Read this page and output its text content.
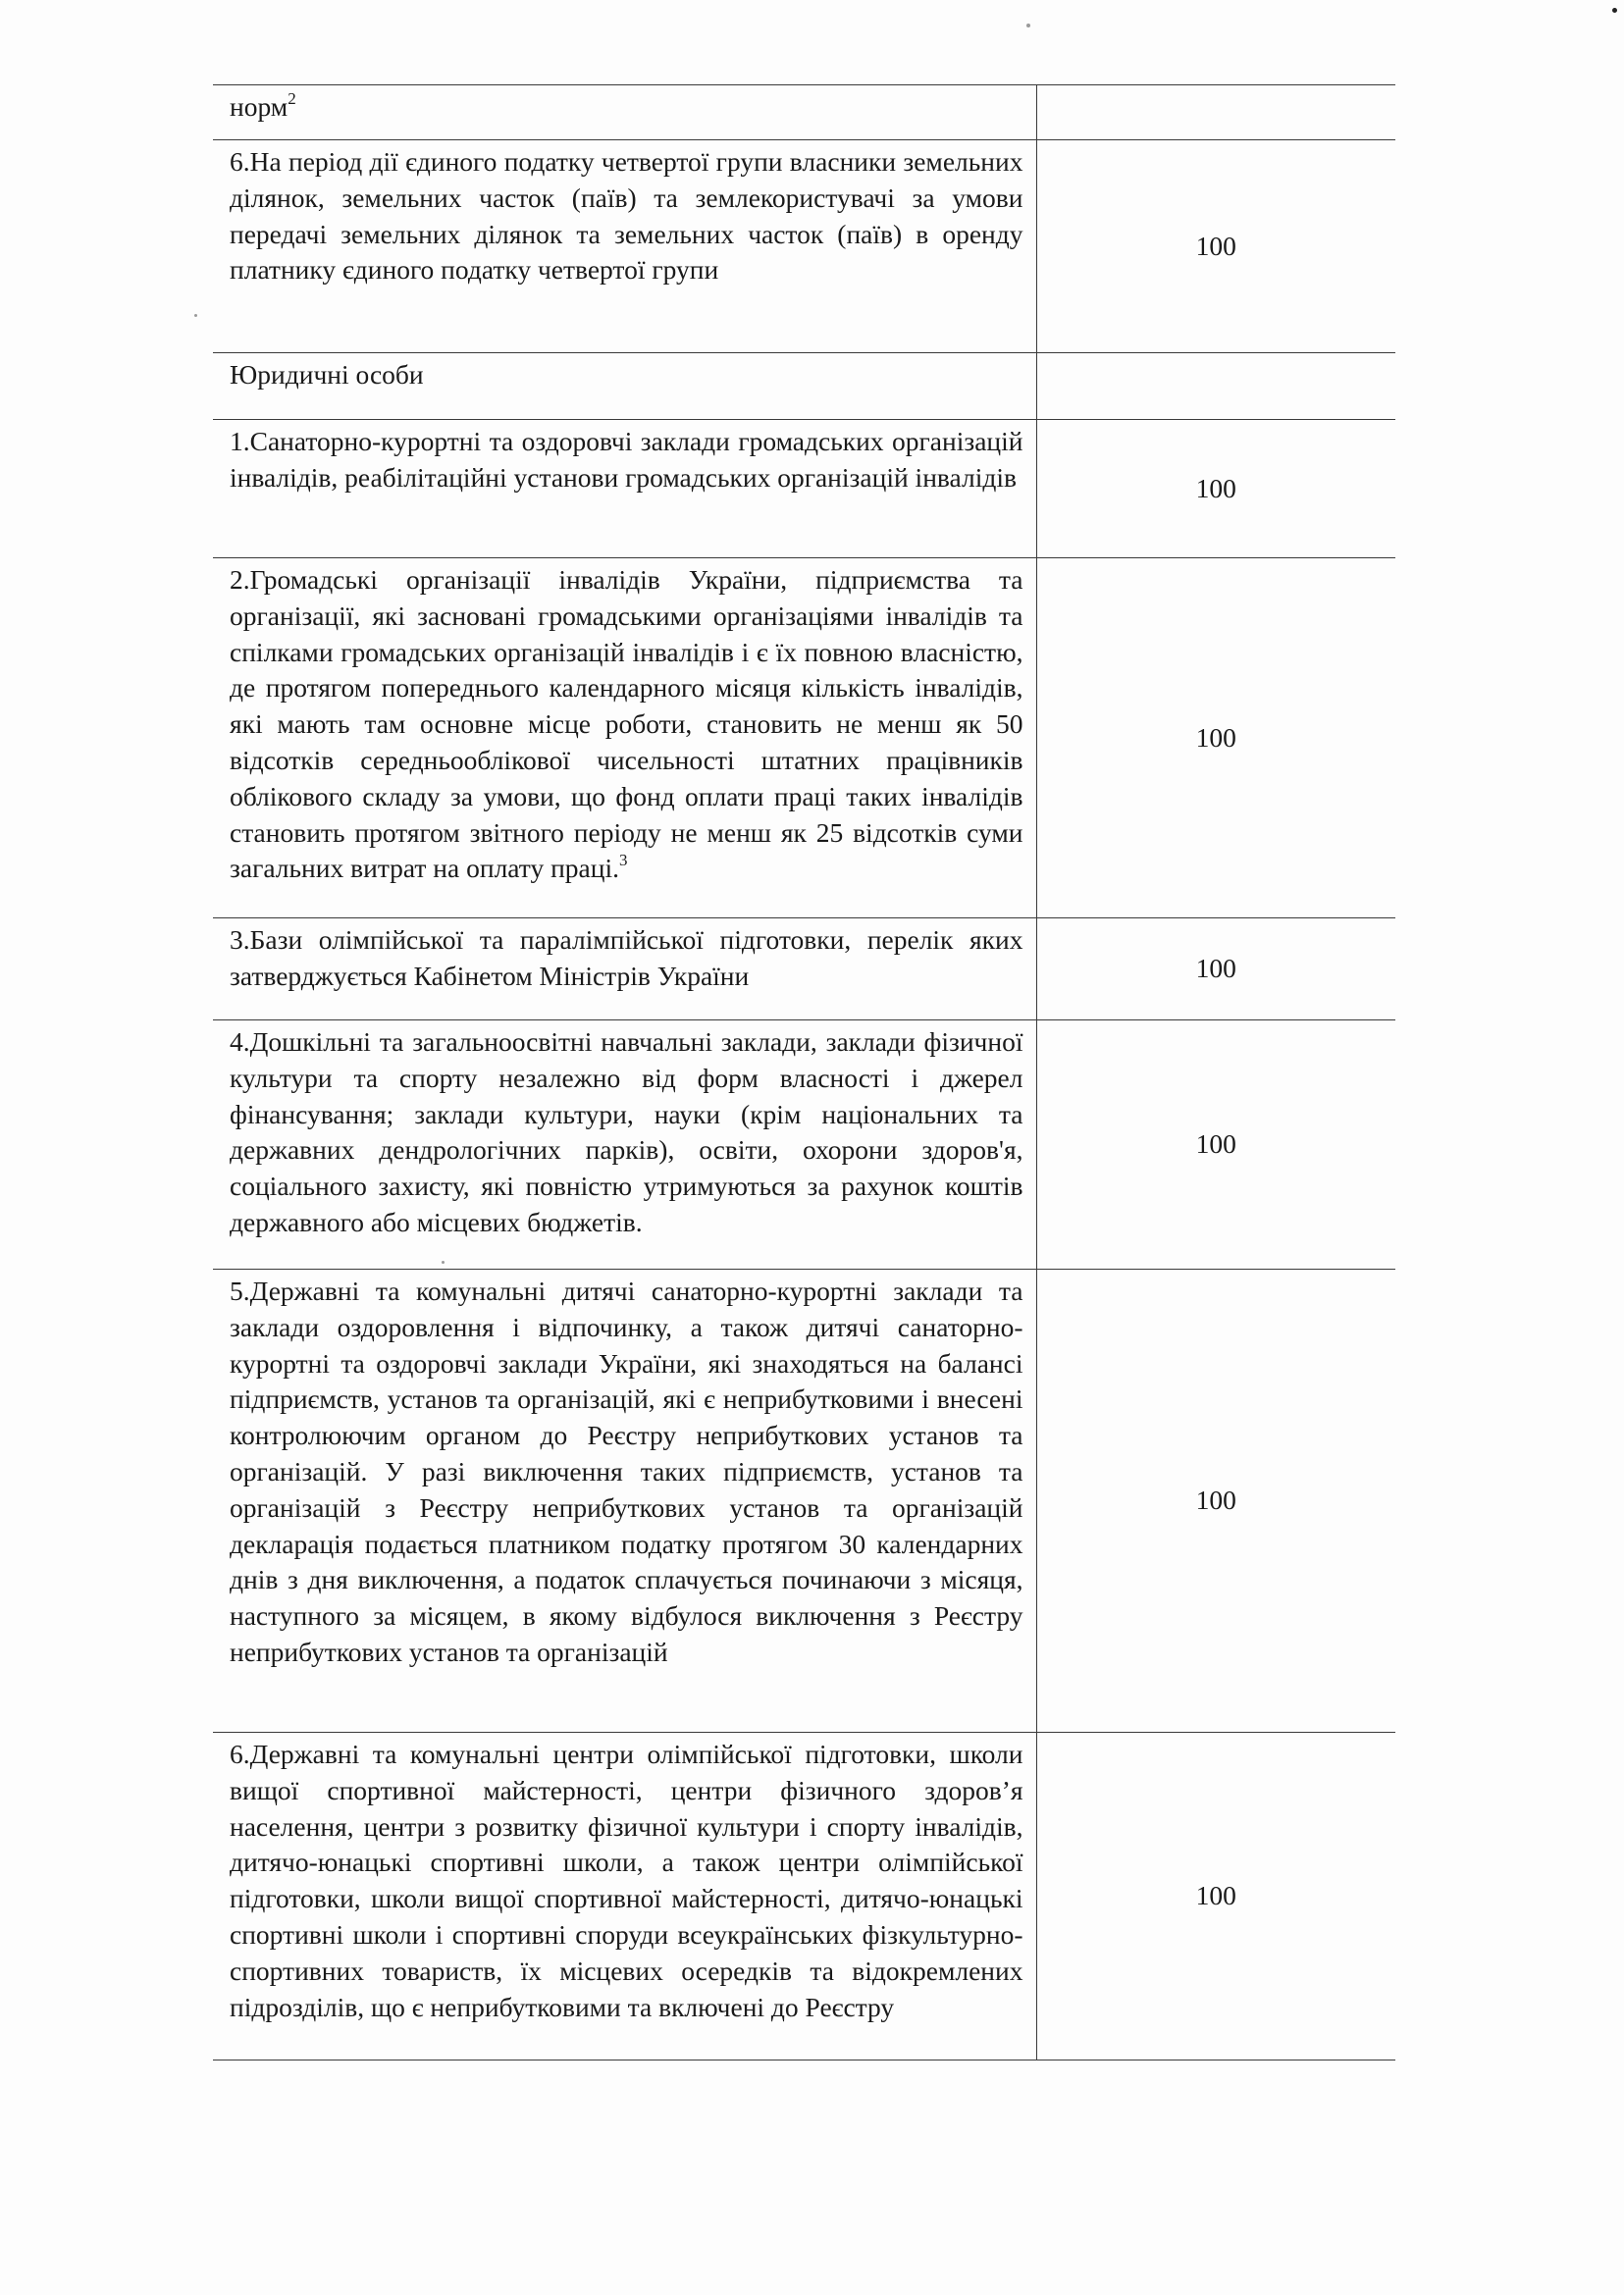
норм$^2$	
6.На період дії єдиного податку четвертої групи власники земельних ділянок, земельних часток (паїв) та землекористувачі за умови передачі земельних ділянок та земельних часток (паїв) в оренду платнику єдиного податку четвертої групи	100
Юридичні особи	
1.Санаторно-курортні та оздоровчі заклади громадських організацій інвалідів, реабілітаційні установи громадських організацій інвалідів	100
2.Громадські організації інвалідів України, підприємства та організації, які засновані громадськими організаціями інвалідів та спілками громадських організацій інвалідів і є їх повною власністю, де протягом попереднього календарного місяця кількість інвалідів, які мають там основне місце роботи, становить не менш як 50 відсотків середньооблікової чисельності штатних працівників облікового складу за умови, що фонд оплати праці таких інвалідів становить протягом звітного періоду не менш як 25 відсотків суми загальних витрат на оплату праці.$^3$	100
3.Бази олімпійської та паралімпійської підготовки, перелік яких затверджується Кабінетом Міністрів України	100
4.Дошкільні та загальноосвітні навчальні заклади, заклади фізичної культури та спорту незалежно від форм власності і джерел фінансування; заклади культури, науки (крім національних та державних дендрологічних парків), освіти, охорони здоров'я, соціального захисту, які повністю утримуються за рахунок коштів державного або місцевих бюджетів.	100
5.Державні та комунальні дитячі санаторно-курортні заклади та заклади оздоровлення і відпочинку, а також дитячі санаторно-курортні та оздоровчі заклади України, які знаходяться на балансі підприємств, установ та організацій, які є неприбутковими і внесені контролюючим органом до Реєстру неприбуткових установ та організацій. У разі виключення таких підприємств, установ та організацій з Реєстру неприбуткових установ та організацій декларація подається платником податку протягом 30 календарних днів з дня виключення, а податок сплачується починаючи з місяця, наступного за місяцем, в якому відбулося виключення з Реєстру неприбуткових установ та організацій	100
6.Державні та комунальні центри олімпійської підготовки, школи вищої спортивної майстерності, центри фізичного здоров’я населення, центри з розвитку фізичної культури і спорту інвалідів, дитячо-юнацькі спортивні школи, а також центри олімпійської підготовки, школи вищої спортивної майстерності, дитячо-юнацькі спортивні школи і спортивні споруди всеукраїнських фізкультурно-спортивних товариств, їх місцевих осередків та відокремлених підрозділів, що є неприбутковими та включені до Реєстру	100
